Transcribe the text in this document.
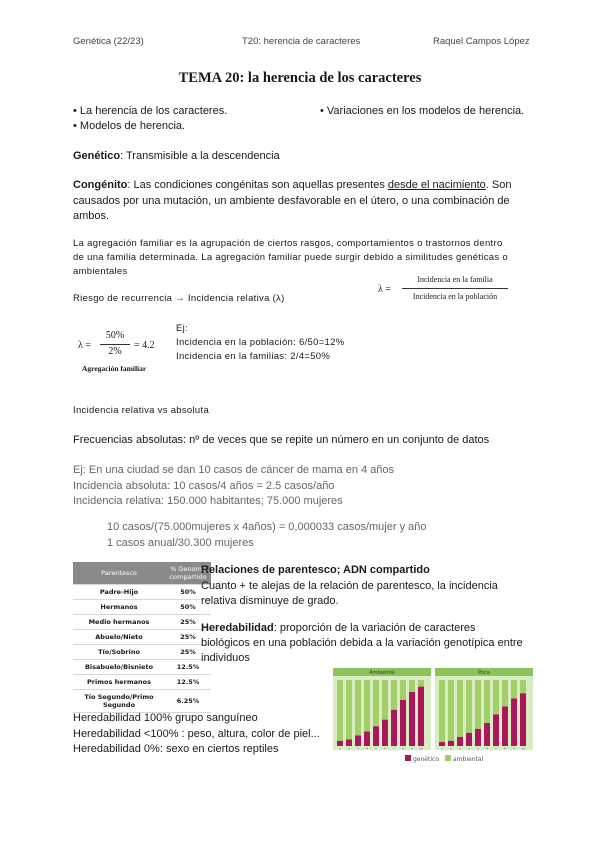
Genética (22/23)	T20: herencia de caracteres	Raquel Campos López
TEMA 20: la herencia de los caracteres
• La herencia de los caracteres.
• Modelos de herencia.
• Variaciones en los modelos de herencia.
Genético: Transmisible a la descendencia
Congénito: Las condiciones congénitas son aquellas presentes desde el nacimiento. Son
causados por una mutación, un ambiente desfavorable en el útero, o una combinación de
ambos.
La agregación familiar es la agrupación de ciertos rasgos, comportamientos o trastornos dentro
de una familia determinada. La agregación familiar puede surgir debido a similitudes genéticas o
ambientales
Riesgo de recurrencia → Incidencia relativa (λ)
λ =
Incidencia en la familia
Incidencia en la población
λ =
50%
2%
= 4.2
Agregación familiar
Ej:
Incidencia en la población: 6/50=12%
Incidencia en la familias: 2/4=50%
Incidencia relativa vs absoluta
Frecuencias absolutas: nº de veces que se repite un número en un conjunto de datos
Ej: En una ciudad se dan 10 casos de cáncer de mama en 4 años
Incidencia absoluta: 10 casos/4 años = 2.5 casos/año
Incidencia relativa: 150.000 habitantes; 75.000 mujeres
10 casos/(75.000mujeres x 4años) = 0,000033 casos/mujer y año
1 casos anual/30.300 mujeres
Parentesco	% Genoma compartido
Padre-Hijo	50%
Hermanos	50%
Medio hermanos	25%
Abuelo/Nieto	25%
Tío/Sobrino	25%
Bisabuelo/Bisnieto	12.5%
Primos hermanos	12.5%
Tío Segundo/Primo Segundo	6.25%
Relaciones de parentesco; ADN compartido
Cuanto + te alejas de la relación de parentesco, la incidencia
relativa disminuye de grado.
Heredabilidad: proporción de la variación de caracteres
biológicos en una población debida a la variación genotípica entre
individuos
Ambiental	Poca
1 2 3 4 5 6 7 8 9 10	1 2 3 4 5 6 7 8 9 10
genético ambiental
Heredabilidad 100% grupo sanguíneo
Heredabilidad <100% : peso, altura, color de piel...
Heredabilidad 0%: sexo en ciertos reptiles
